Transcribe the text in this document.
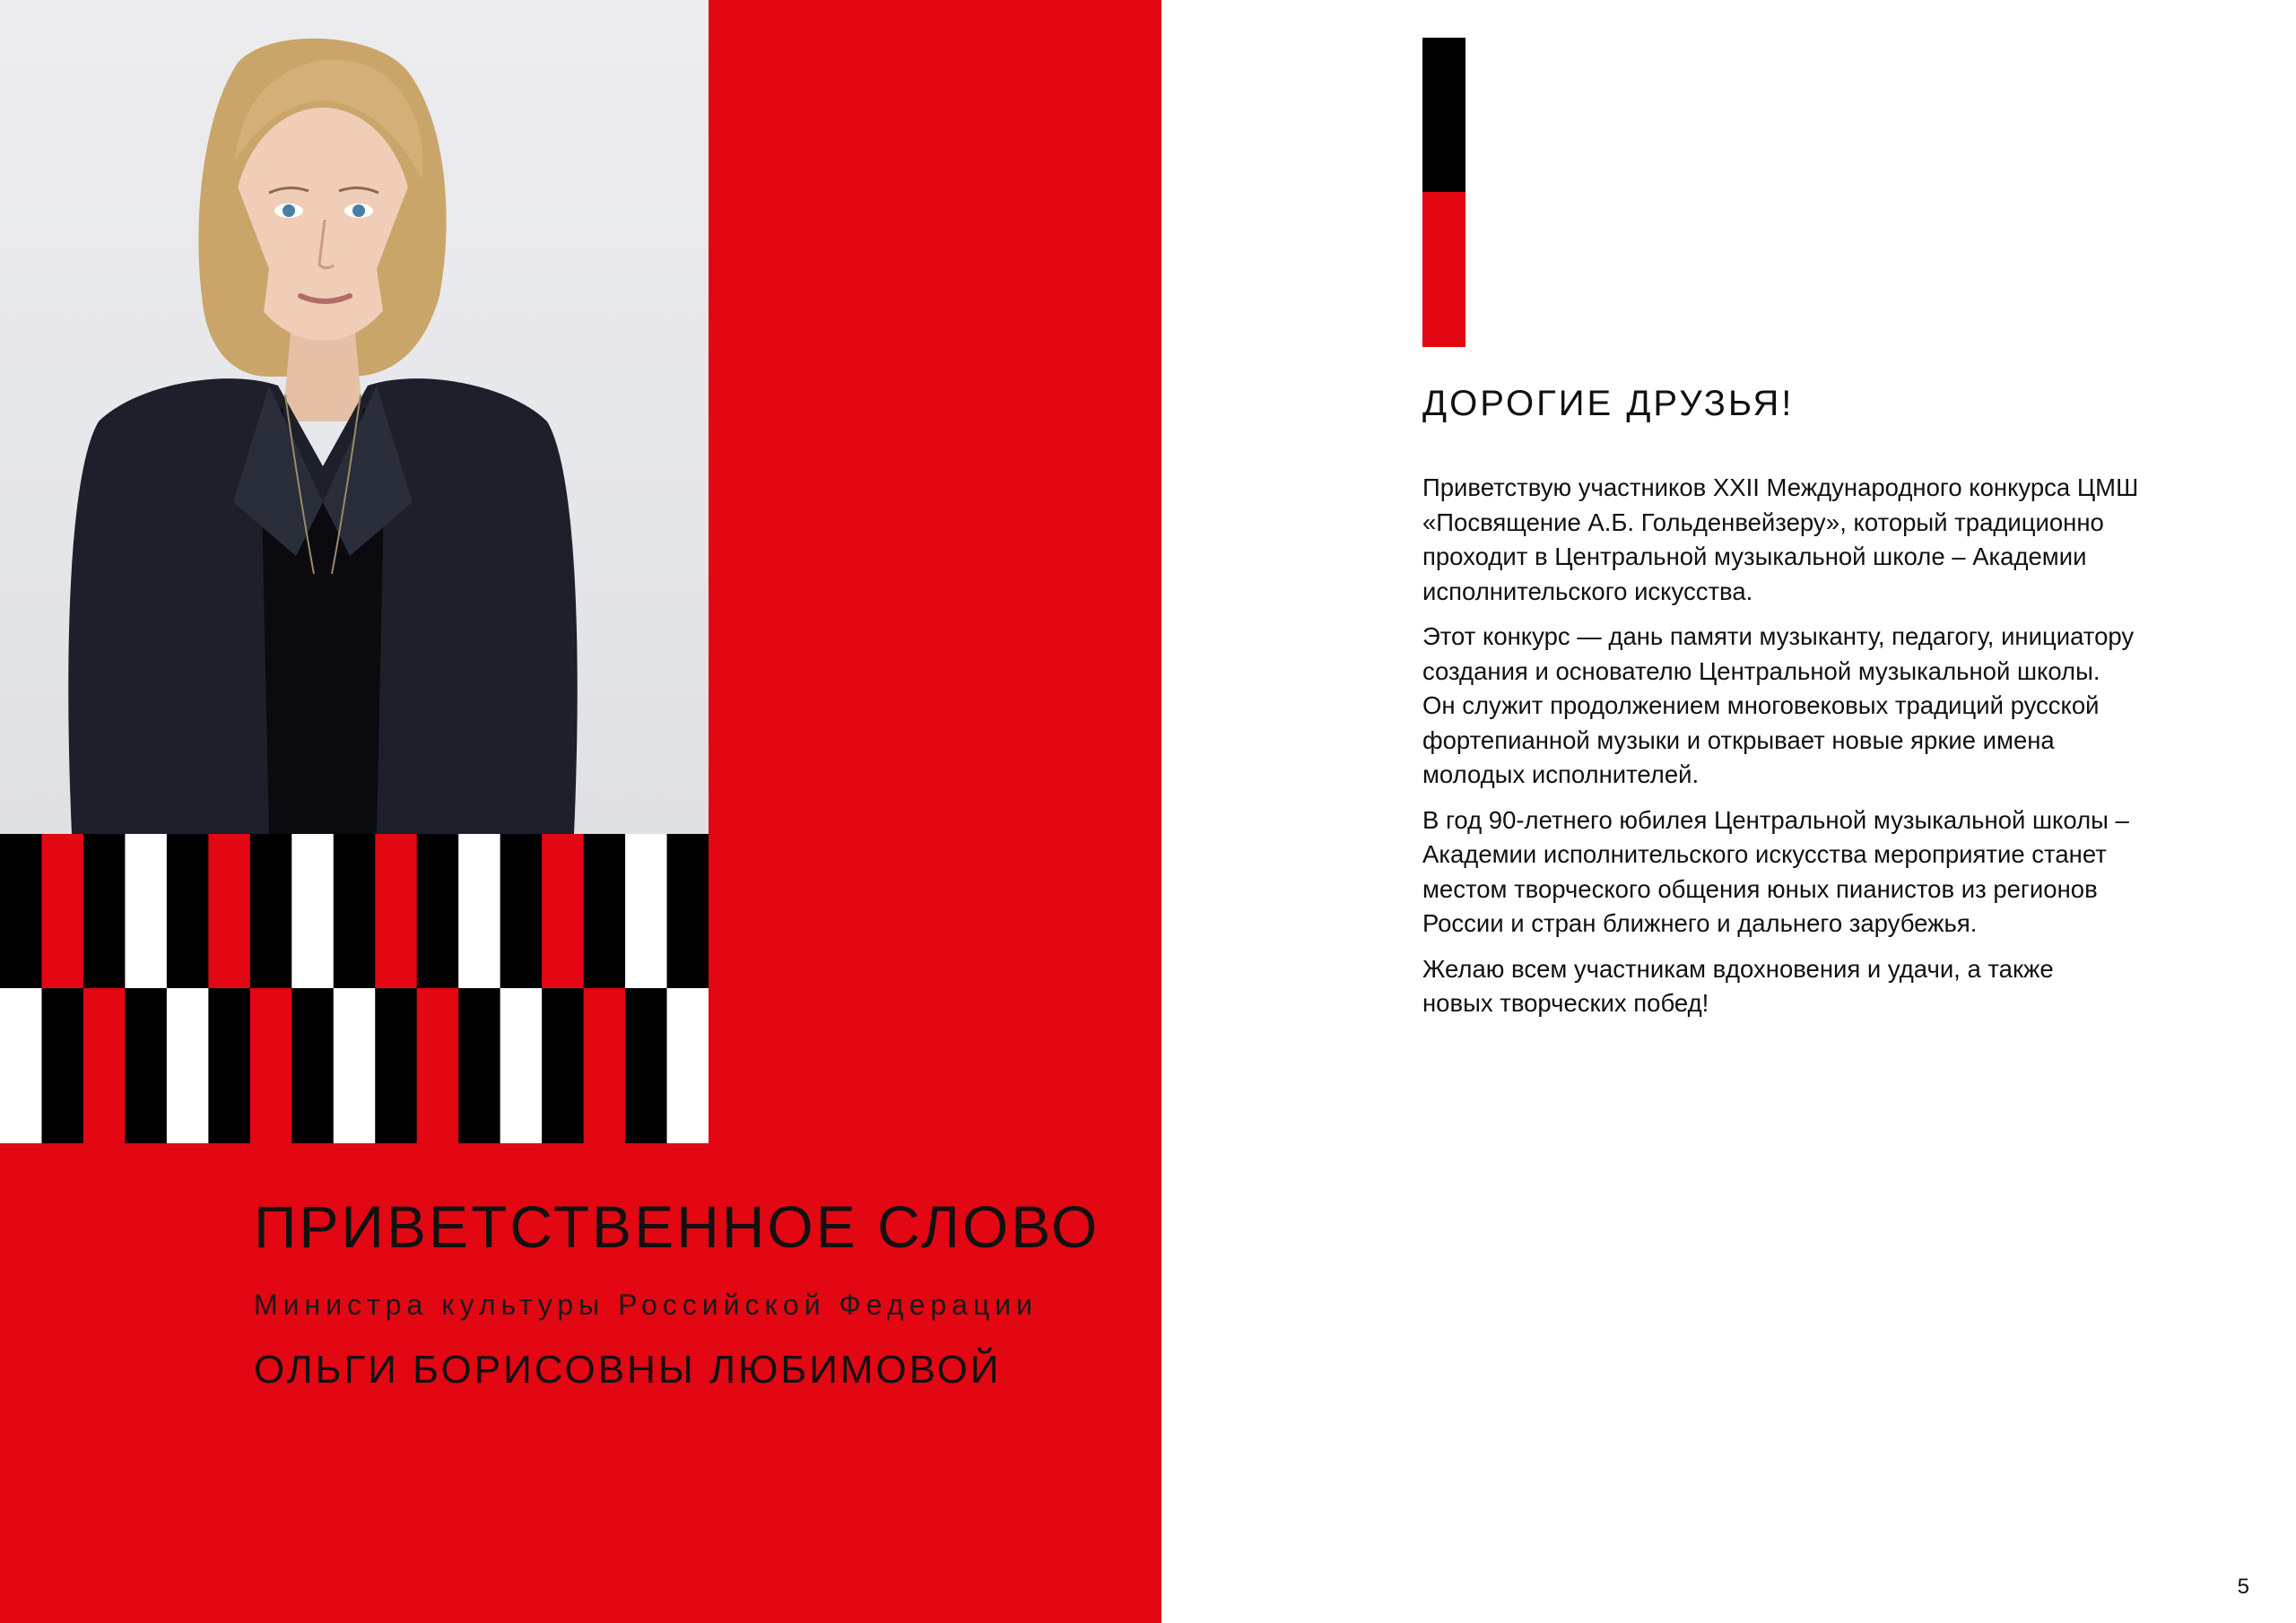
ПРИВЕТСТВЕННОЕ СЛОВО
Министра культуры Российской Федерации
ОЛЬГИ БОРИСОВНЫ ЛЮБИМОВОЙ
ДОРОГИЕ ДРУЗЬЯ!

Приветствую участников XXII Международного конкурса ЦМШ
«Посвящение А.Б. Гольденвейзеру», который традиционно
проходит в Центральной музыкальной школе – Академии
исполнительского искусства.

Этот конкурс — дань памяти музыканту, педагогу, инициатору
создания и основателю Центральной музыкальной школы.
Он служит продолжением многовековых традиций русской
фортепианной музыки и открывает новые яркие имена
молодых исполнителей.

В год 90-летнего юбилея Центральной музыкальной школы –
Академии исполнительского искусства мероприятие станет
местом творческого общения юных пианистов из регионов
России и стран ближнего и дальнего зарубежья.

Желаю всем участникам вдохновения и удачи, а также
новых творческих побед!

5
